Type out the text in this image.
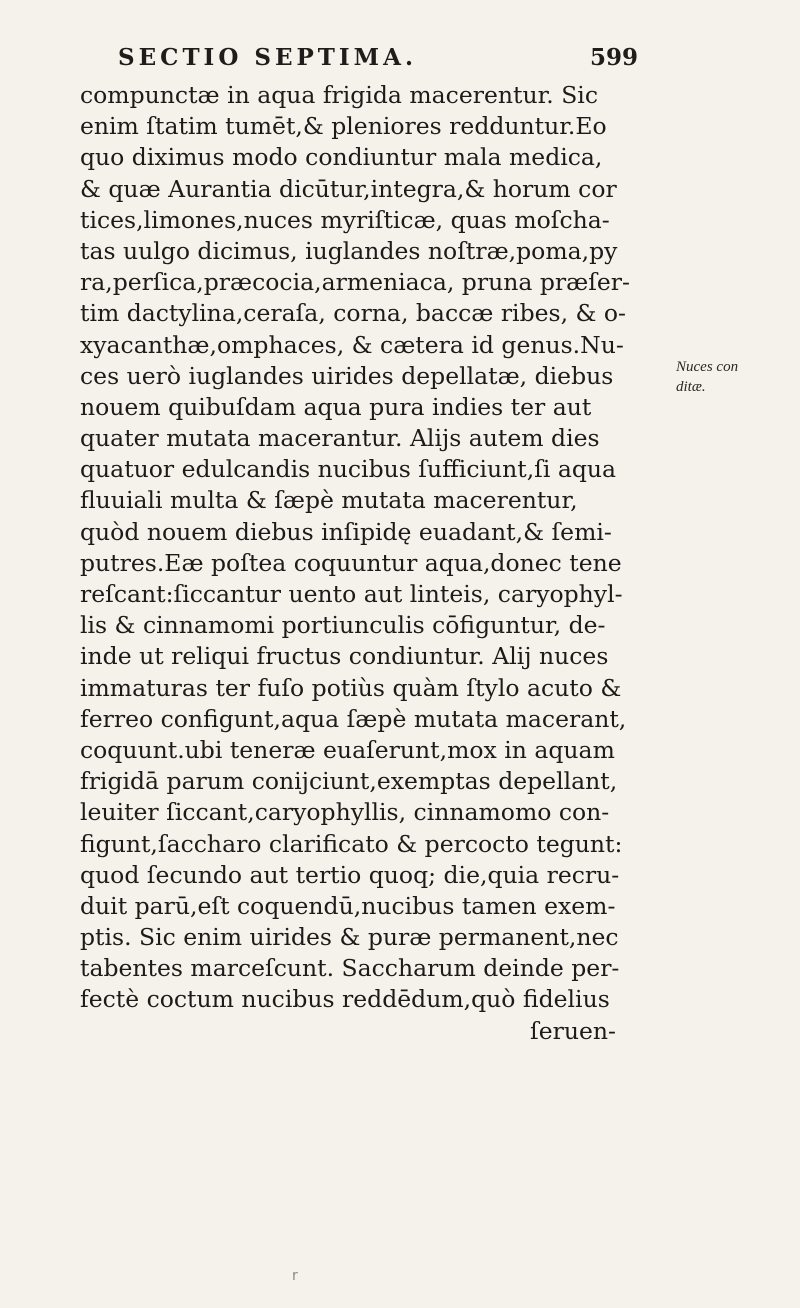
SECTIO SEPTIMA.	599
compunctæ in aqua frigida macerentur. Sic
enim ſtatim tumēt,& pleniores redduntur.Eo
quo diximus modo condiuntur mala medica,
& quæ Aurantia dicūtur,integra,& horum cor
tices,limones,nuces myriſticæ, quas moſcha-
tas uulgo dicimus, iuglandes noſtræ,poma,py
ra,perſica,præcocia,armeniaca, pruna præſer-
tim dactylina,ceraſa, corna, baccæ ribes, & o-
xyacanthæ,omphaces, & cætera id genus.Nu-
ces uerò iuglandes uirides depellatæ, diebus
nouem quibuſdam aqua pura indies ter aut
quater mutata macerantur. Alijs autem dies
quatuor edulcandis nucibus ſufficiunt,ſi aqua
fluuiali multa & ſæpè mutata macerentur,
quòd nouem diebus inſipidę euadant,& ſemi-
putres.Eæ poſtea coquuntur aqua,donec tene
reſcant:ſiccantur uento aut linteis, caryophyl-
lis & cinnamomi portiunculis cōfiguntur, de-
inde ut reliqui fructus condiuntur. Alij nuces
immaturas ter fuſo potiùs quàm ſtylo acuto &
ferreo configunt,aqua ſæpè mutata macerant,
coquunt.ubi teneræ euaſerunt,mox in aquam
frigidā parum conijciunt,exemptas depellant,
leuiter ſiccant,caryophyllis, cinnamomo con-
figunt,ſaccharo clarificato & percocto tegunt:
quod ſecundo aut tertio quoq; die,quia recru-
duit parū,eſt coquendū,nucibus tamen exem-
ptis. Sic enim uirides & puræ permanent,nec
tabentes marceſcunt. Saccharum deinde per-
fectè coctum nucibus reddēdum,quò fidelius
ſeruen-
Nuces con
ditæ.
r
